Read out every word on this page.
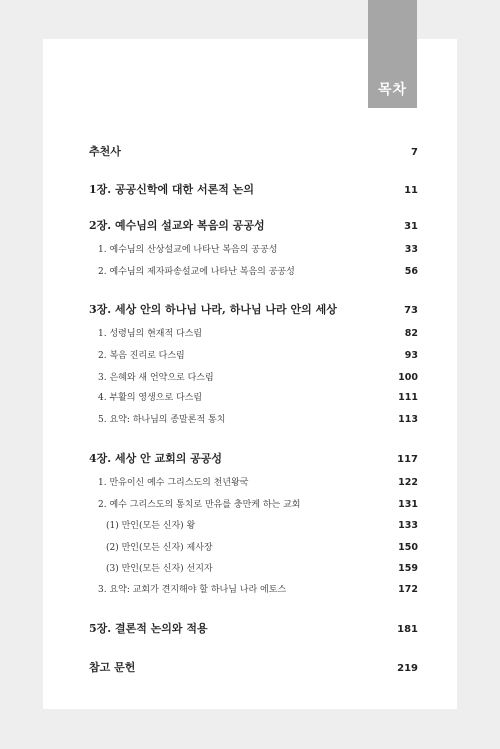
목차
추천사	7
1장. 공공신학에 대한 서론적 논의	11
2장. 예수님의 설교와 복음의 공공성	31
1. 예수님의 산상설교에 나타난 복음의 공공성	33
2. 예수님의 제자파송설교에 나타난 복음의 공공성	56
3장. 세상 안의 하나님 나라, 하나님 나라 안의 세상	73
1. 성령님의 현재적 다스림	82
2. 복음 진리로 다스림	93
3. 은혜와 새 언약으로 다스림	100
4. 부활의 영생으로 다스림	111
5. 요약: 하나님의 종말론적 통치	113
4장. 세상 안 교회의 공공성	117
1. 만유이신 예수 그리스도의 천년왕국	122
2. 예수 그리스도의 통치로 만유를 충만케 하는 교회	131
(1) 만인(모든 신자) 왕	133
(2) 만인(모든 신자) 제사장	150
(3) 만인(모든 신자) 선지자	159
3. 요약: 교회가 견지해야 할 하나님 나라 에토스	172
5장. 결론적 논의와 적용	181
참고 문헌	219
